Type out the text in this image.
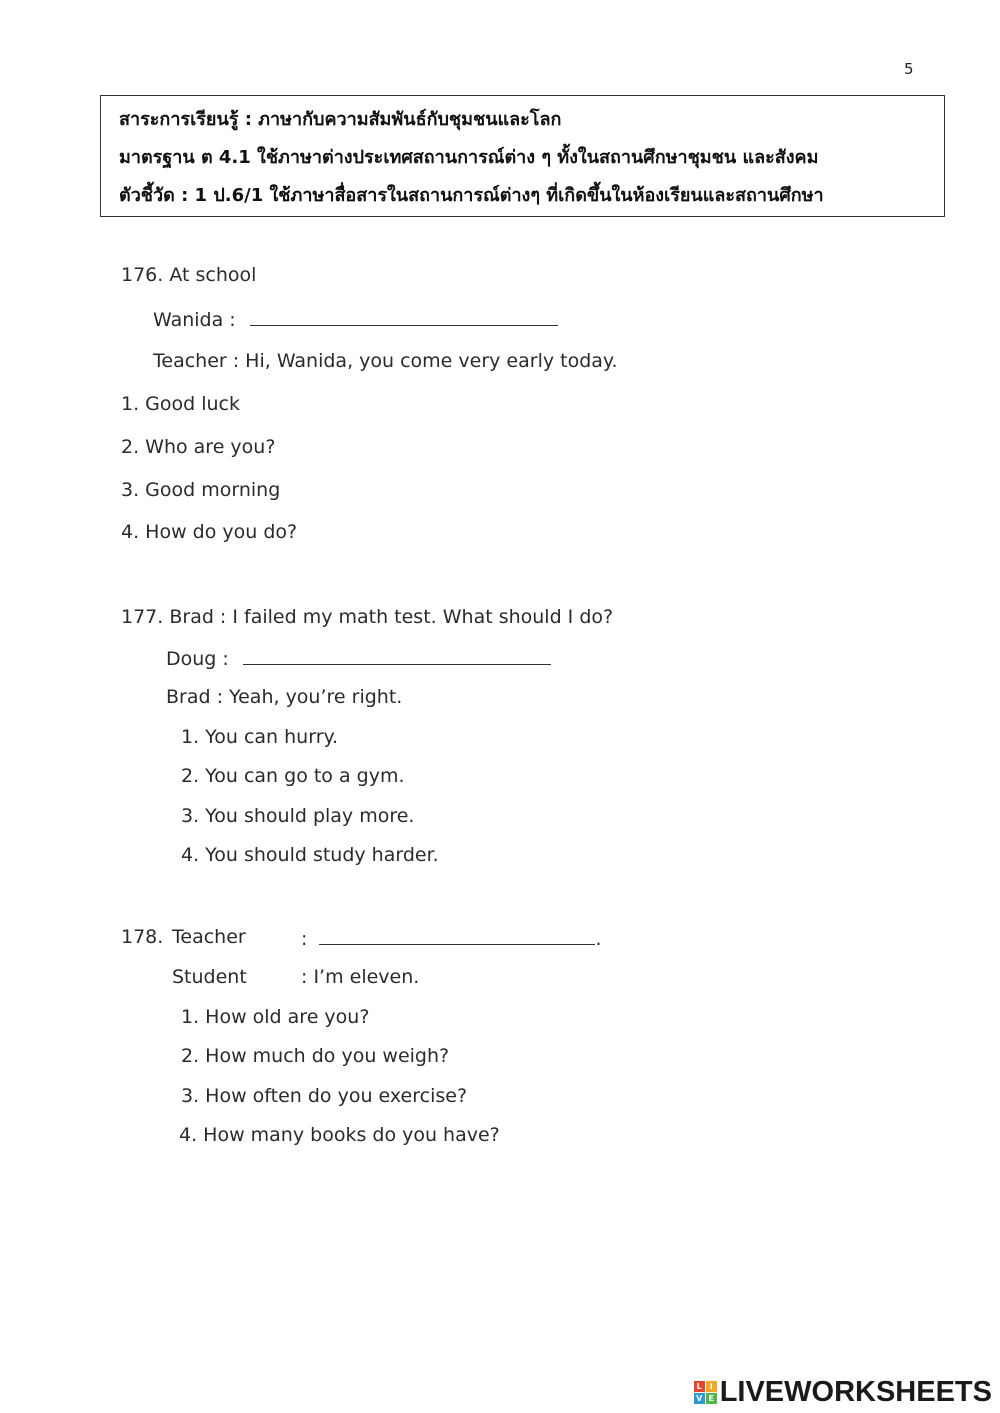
5
สาระการเรียนรู้ : ภาษากับความสัมพันธ์กับชุมชนและโลก
มาตรฐาน ต 4.1 ใช้ภาษาต่างประเทศสถานการณ์ต่าง ๆ ทั้งในสถานศึกษาชุมชน และสังคม
ตัวชี้วัด : 1 ป.6/1 ใช้ภาษาสื่อสารในสถานการณ์ต่างๆ ที่เกิดขึ้นในห้องเรียนและสถานศึกษา
176. At school
Wanida :
Teacher : Hi, Wanida, you come very early today.
1. Good luck
2. Who are you?
3. Good morning
4. How do you do?
177. Brad : I failed my math test. What should I do?
Doug :
Brad : Yeah, you’re right.
1. You can hurry.
2. You can go to a gym.
3. You should play more.
4. You should study harder.
178. Teacher	:	.
Student	: I’m eleven.
1. How old are you?
2. How much do you weigh?
3. How often do you exercise?
4. How many books do you have?
L I
V E LIVEWORKSHEETS
